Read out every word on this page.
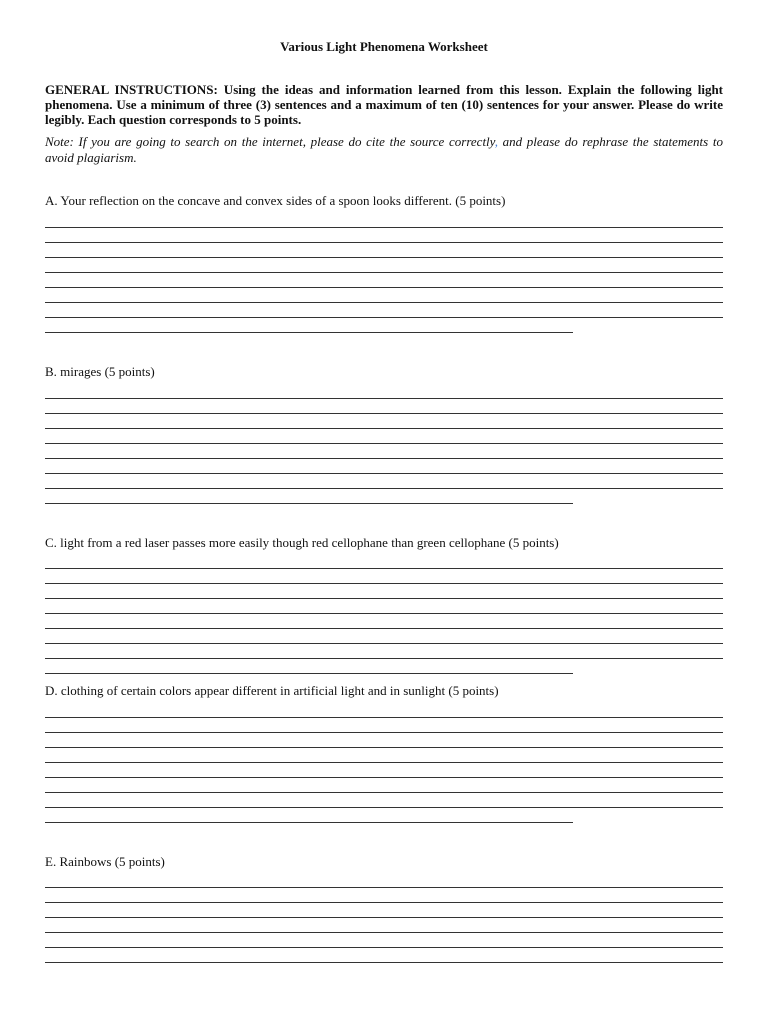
Various Light Phenomena Worksheet
GENERAL INSTRUCTIONS: Using the ideas and information learned from this lesson. Explain the following light phenomena. Use a minimum of three (3) sentences and a maximum of ten (10) sentences for your answer. Please do write legibly. Each question corresponds to 5 points.
Note: If you are going to search on the internet, please do cite the source correctly, and please do rephrase the statements to avoid plagiarism.

A. Your reflection on the concave and convex sides of a spoon looks different. (5 points)

B. mirages (5 points)

C. light from a red laser passes more easily though red cellophane than green cellophane (5 points)

D. clothing of certain colors appear different in artificial light and in sunlight (5 points)

E. Rainbows (5 points)
